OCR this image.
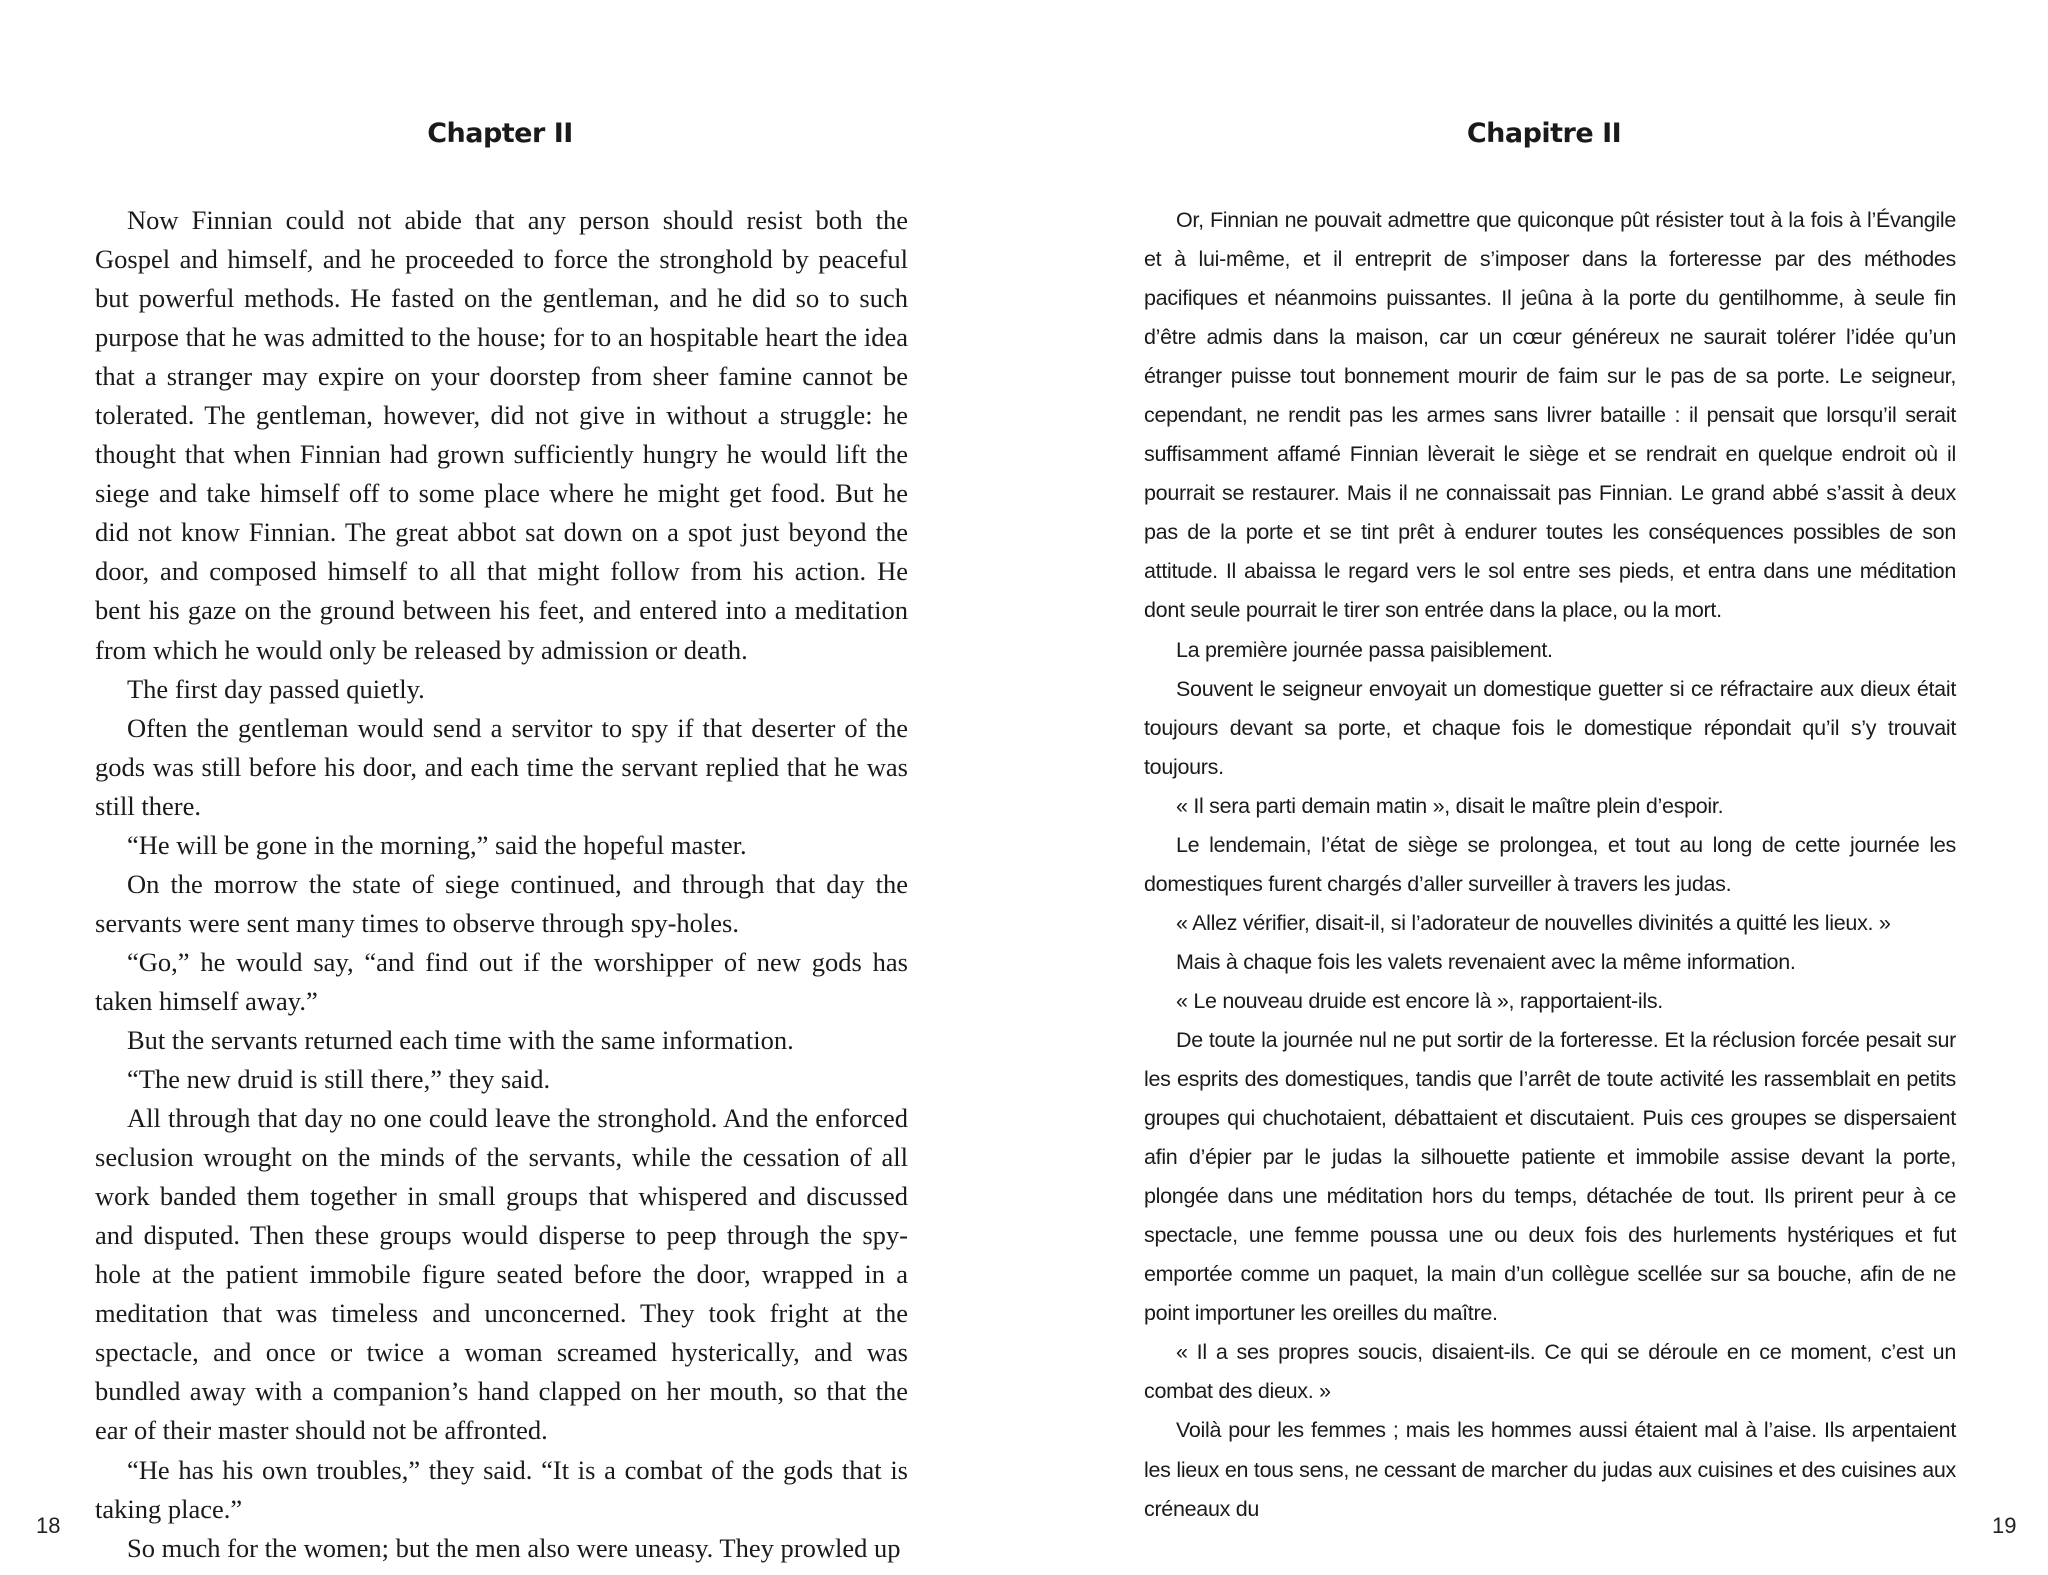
Chapter II

Now Finnian could not abide that any person should resist both the Gospel and himself, and he proceeded to force the stronghold by peaceful but powerful methods. He fasted on the gentleman, and he did so to such purpose that he was admitted to the house; for to an hospitable heart the idea that a stranger may expire on your doorstep from sheer famine cannot be tolerated. The gentleman, however, did not give in without a struggle: he thought that when Finnian had grown sufficiently hungry he would lift the siege and take himself off to some place where he might get food. But he did not know Finnian. The great abbot sat down on a spot just beyond the door, and composed himself to all that might follow from his action. He bent his gaze on the ground between his feet, and entered into a meditation from which he would only be released by admission or death.

The first day passed quietly.

Often the gentleman would send a servitor to spy if that deserter of the gods was still before his door, and each time the servant replied that he was still there.

“He will be gone in the morning,” said the hopeful master.

On the morrow the state of siege continued, and through that day the servants were sent many times to observe through spy-holes.

“Go,” he would say, “and find out if the worshipper of new gods has taken himself away.”

But the servants returned each time with the same information.

“The new druid is still there,” they said.

All through that day no one could leave the stronghold. And the enforced seclusion wrought on the minds of the servants, while the cessation of all work banded them together in small groups that whispered and discussed and disputed. Then these groups would disperse to peep through the spy-hole at the patient immobile figure seated before the door, wrapped in a meditation that was timeless and unconcerned. They took fright at the spectacle, and once or twice a woman screamed hysterically, and was bundled away with a companion’s hand clapped on her mouth, so that the ear of their master should not be affronted.

“He has his own troubles,” they said. “It is a combat of the gods that is taking place.”

So much for the women; but the men also were uneasy. They prowled up

18
Chapitre II

Or, Finnian ne pouvait admettre que quiconque pût résister tout à la fois à l’Évangile et à lui-même, et il entreprit de s’imposer dans la forteresse par des méthodes pacifiques et néanmoins puissantes. Il jeûna à la porte du gentilhomme, à seule fin d’être admis dans la maison, car un cœur généreux ne saurait tolérer l’idée qu’un étranger puisse tout bonnement mourir de faim sur le pas de sa porte. Le seigneur, cependant, ne rendit pas les armes sans livrer bataille : il pensait que lorsqu’il serait suffisamment affamé Finnian lèverait le siège et se rendrait en quelque endroit où il pourrait se restaurer. Mais il ne connaissait pas Finnian. Le grand abbé s’assit à deux pas de la porte et se tint prêt à endurer toutes les conséquences possibles de son attitude. Il abaissa le regard vers le sol entre ses pieds, et entra dans une méditation dont seule pourrait le tirer son entrée dans la place, ou la mort.

La première journée passa paisiblement.

Souvent le seigneur envoyait un domestique guetter si ce réfractaire aux dieux était toujours devant sa porte, et chaque fois le domestique répondait qu’il s’y trouvait toujours.

« Il sera parti demain matin », disait le maître plein d’espoir.

Le lendemain, l’état de siège se prolongea, et tout au long de cette journée les domestiques furent chargés d’aller surveiller à travers les judas.

« Allez vérifier, disait-il, si l’adorateur de nouvelles divinités a quitté les lieux. »

Mais à chaque fois les valets revenaient avec la même information.

« Le nouveau druide est encore là », rapportaient-ils.

De toute la journée nul ne put sortir de la forteresse. Et la réclusion forcée pesait sur les esprits des domestiques, tandis que l’arrêt de toute activité les rassemblait en petits groupes qui chuchotaient, débattaient et discutaient. Puis ces groupes se dispersaient afin d’épier par le judas la silhouette patiente et immobile assise devant la porte, plongée dans une méditation hors du temps, détachée de tout. Ils prirent peur à ce spectacle, une femme poussa une ou deux fois des hurlements hystériques et fut emportée comme un paquet, la main d’un collègue scellée sur sa bouche, afin de ne point importuner les oreilles du maître.

« Il a ses propres soucis, disaient-ils. Ce qui se déroule en ce moment, c’est un combat des dieux. »

Voilà pour les femmes ; mais les hommes aussi étaient mal à l’aise. Ils arpentaient les lieux en tous sens, ne cessant de marcher du judas aux cuisines et des cuisines aux créneaux du

19
